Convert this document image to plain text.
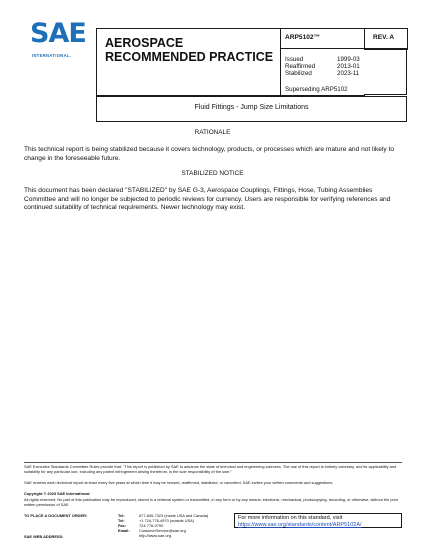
SAE
INTERNATIONAL.
AEROSPACE
RECOMMENDED PRACTICE
ARP5102™
Issued	1999-03
Reaffirmed	2013-01
Stabilized	2023-11
Superseding ARP5102
REV. A
Fluid Fittings - Jump Size Limitations
RATIONALE
This technical report is being stabilized because it covers technology, products, or processes which are mature and not likely to change in the foreseeable future.
STABILIZED NOTICE
This document has been declared "STABILIZED" by SAE G-3, Aerospace Couplings, Fittings, Hose, Tubing Assemblies Committee and will no longer be subjected to periodic reviews for currency. Users are responsible for verifying references and continued suitability of technical requirements. Newer technology may exist.
SAE Executive Standards Committee Rules provide that: "This report is published by SAE to advance the state of technical and engineering sciences. The use of this report is entirely voluntary, and its applicability and suitability for any particular use, including any patent infringement arising therefrom, is the sole responsibility of the user."
SAE reviews each technical report at least every five years at which time it may be revised, reaffirmed, stabilized, or cancelled. SAE invites your written comments and suggestions.
Copyright © 2023 SAE International
All rights reserved. No part of this publication may be reproduced, stored in a retrieval system or transmitted, in any form or by any means, electronic, mechanical, photocopying, recording, or otherwise, without the prior written permission of SAE.
TO PLACE A DOCUMENT ORDER:	Tel:	877-606-7323 (inside USA and Canada)
Tel:	+1 724-776-4970 (outside USA)
Fax:	724-776-0790
Email: CustomerService@sae.org
http://www.sae.org
SAE WEB ADDRESS:
For more information on this standard, visit
https://www.sae.org/standards/content/ARP5102A/
